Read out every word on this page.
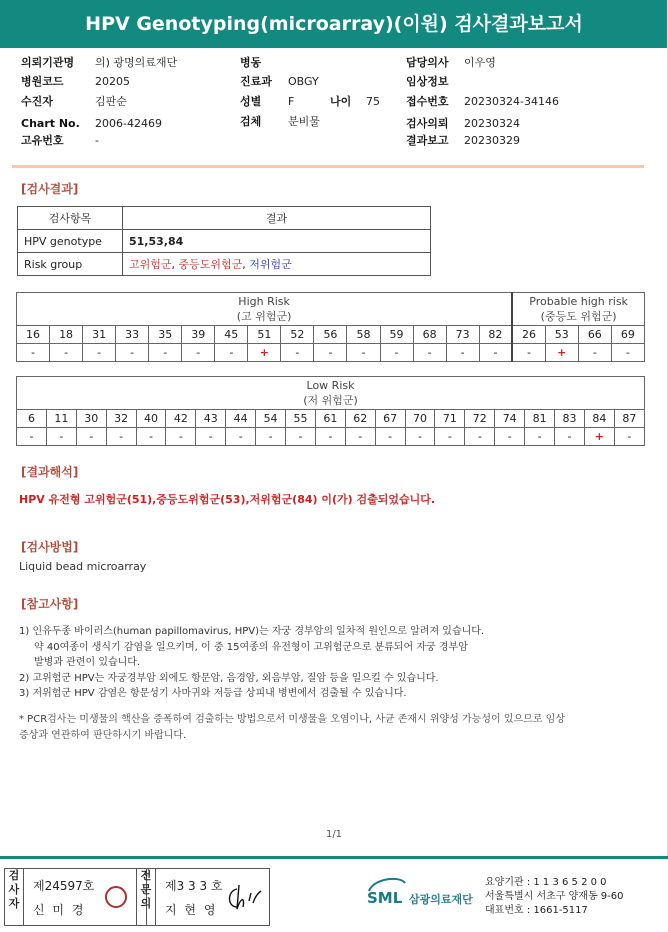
HPV Genotyping(microarray)(이원) 검사결과보고서
의뢰기관명 의) 광명의료재단
병원코드	20205
수진자	김판순
Chart No. 2006-42469
고유번호	-
병동
진료과 OBGY
성별 F	나이 75
검체 분비물
담당의사 이우영
임상정보
접수번호 20230324-34146
검사의뢰 20230324
결과보고 20230329
[검사결과]
검사항목	결과
HPV genotype	51,53,84
Risk group	고위험군, 중등도위험군, 저위험군
High Risk
(고 위험군)															Probable high risk
(중등도 위험군)			
16	18	31	33	35	39	45	51	52	56	58	59	68	73	82	26	53	66	69
-	-	-	-	-	-	-	+	-	-	-	-	-	-	-	-	+	-	-
Low Risk
(저 위험군)																				
6	11	30	32	40	42	43	44	54	55	61	62	67	70	71	72	74	81	83	84	87
-	-	-	-	-	-	-	-	-	-	-	-	-	-	-	-	-	-	-	+	-
[결과해석]
HPV 유전형 고위험군(51),중등도위험군(53),저위험군(84) 이(가) 검출되었습니다.
[검사방법]
Liquid bead microarray
[참고사항]
1) 인유두종 바이러스(human papillomavirus, HPV)는 자궁 경부암의 일차적 원인으로 알려져 있습니다.
약 40여종이 생식기 감염을 일으키며, 이 중 15여종의 유전형이 고위험군으로 분류되어 자궁 경부암
발병과 관련이 있습니다.
2) 고위험군 HPV는 자궁경부암 외에도 항문암, 음경암, 외음부암, 질암 등을 일으킬 수 있습니다.
3) 저위험군 HPV 감염은 항문성기 사마귀와 저등급 상피내 병변에서 검출될 수 있습니다.
* PCR검사는 미생물의 핵산을 증폭하여 검출하는 방법으로서 미생물을 오염이나, 사균 존재시 위양성 가능성이 있으므로 임상
증상과 연관하여 판단하시기 바랍니다.
1/1
검
사
자
제24597호
신 미 경
전
문
의
제3 3 3 호
지 현 영
SML 삼광의료재단
요양기관 : 1 1 3 6 5 2 0 0
서울특별시 서초구 양재동 9-60
대표번호 : 1661-5117
